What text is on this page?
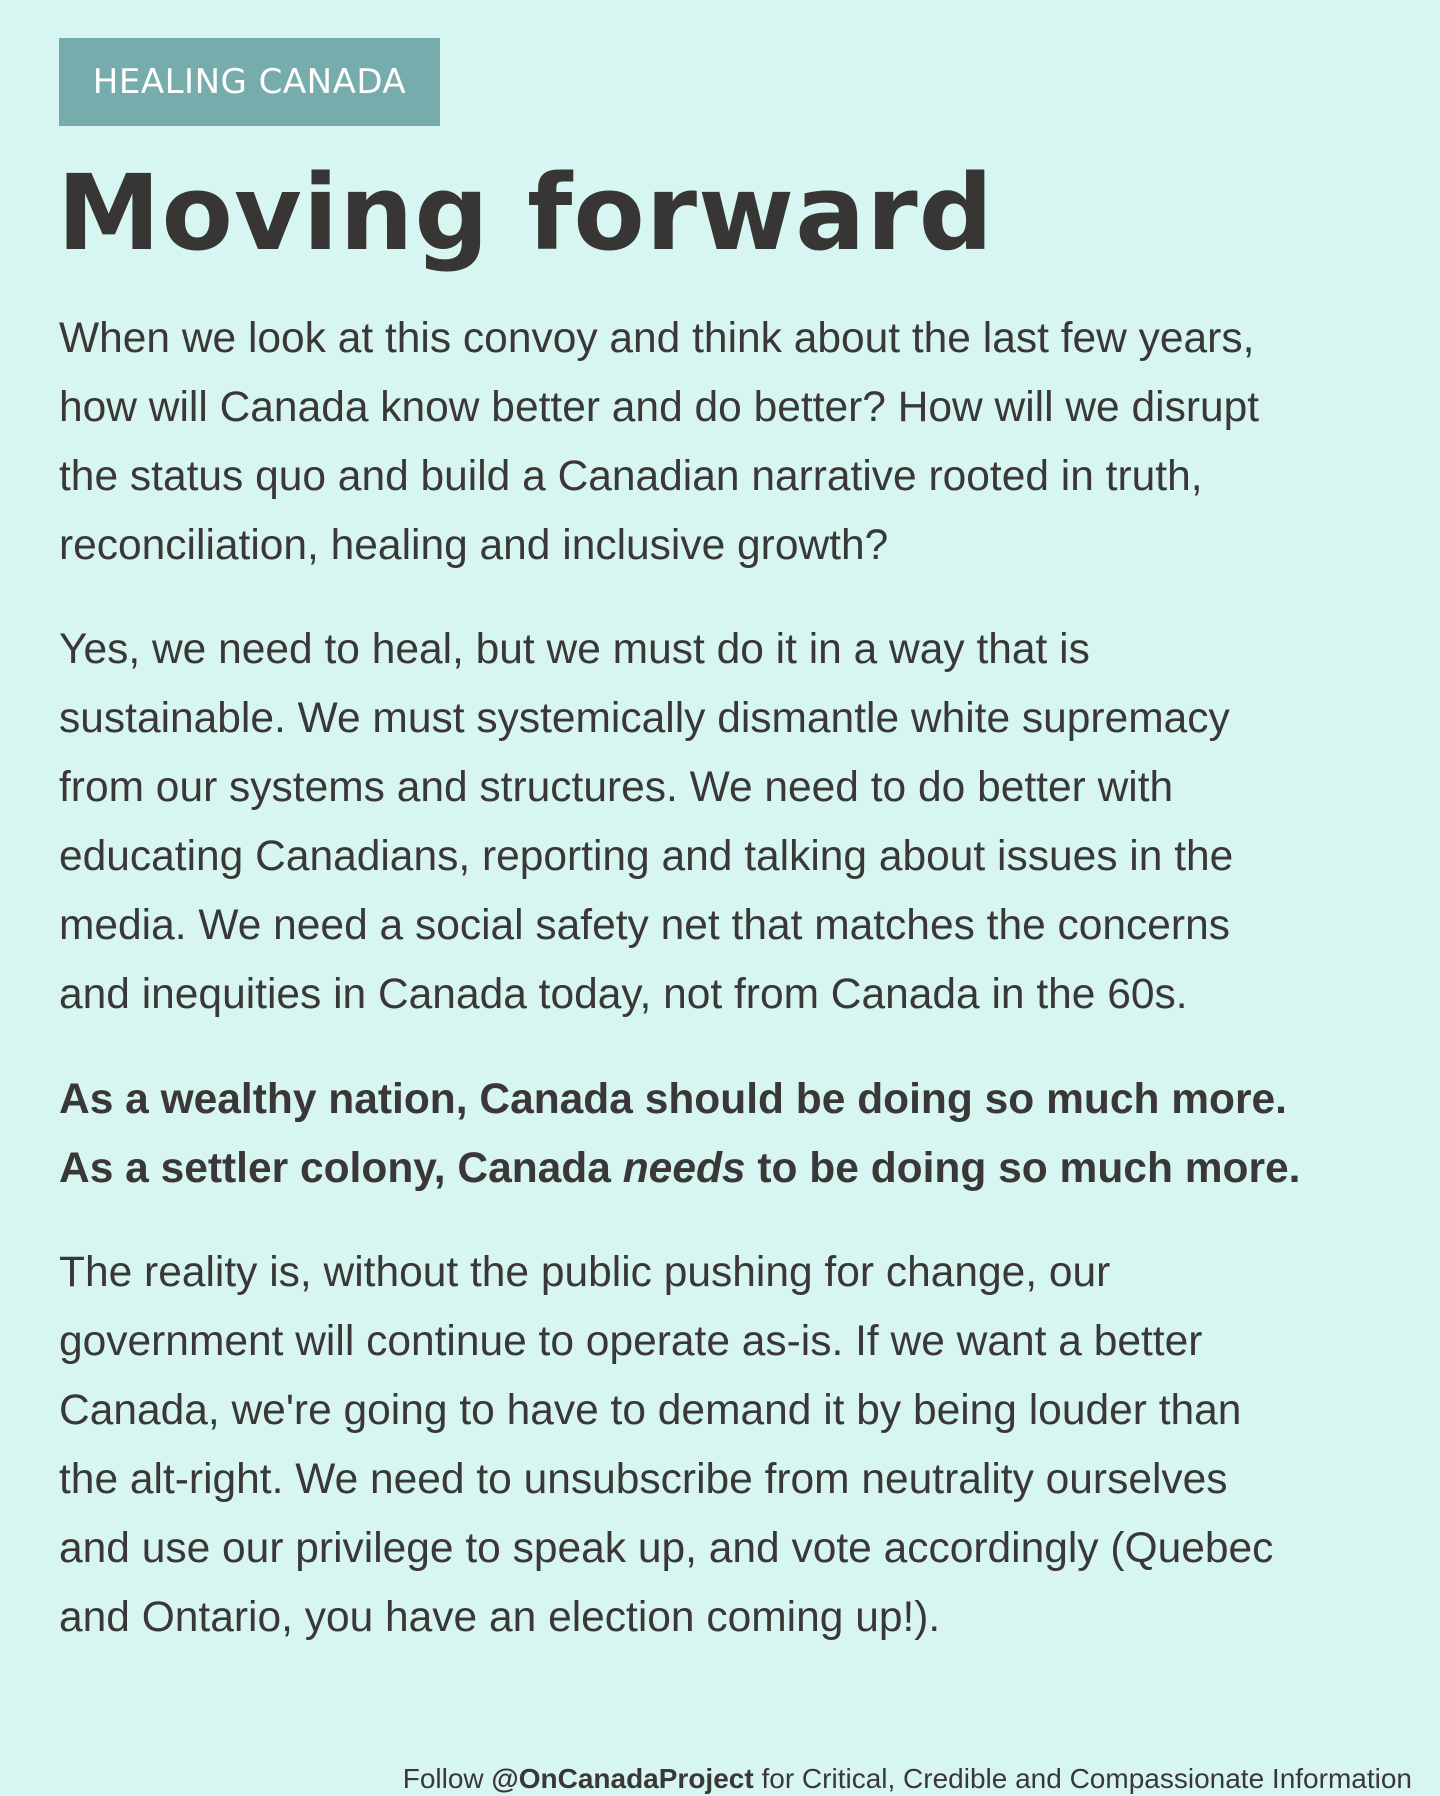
HEALING CANADA
Moving forward

When we look at this convoy and think about the last few years,
how will Canada know better and do better? How will we disrupt
the status quo and build a Canadian narrative rooted in truth,
reconciliation, healing and inclusive growth?

Yes, we need to heal, but we must do it in a way that is
sustainable. We must systemically dismantle white supremacy
from our systems and structures. We need to do better with
educating Canadians, reporting and talking about issues in the
media. We need a social safety net that matches the concerns
and inequities in Canada today, not from Canada in the 60s.

As a wealthy nation, Canada should be doing so much more.
As a settler colony, Canada needs to be doing so much more.

The reality is, without the public pushing for change, our
government will continue to operate as-is. If we want a better
Canada, we're going to have to demand it by being louder than
the alt-right. We need to unsubscribe from neutrality ourselves
and use our privilege to speak up, and vote accordingly (Quebec
and Ontario, you have an election coming up!).

Follow @OnCanadaProject for Critical, Credible and Compassionate Information
